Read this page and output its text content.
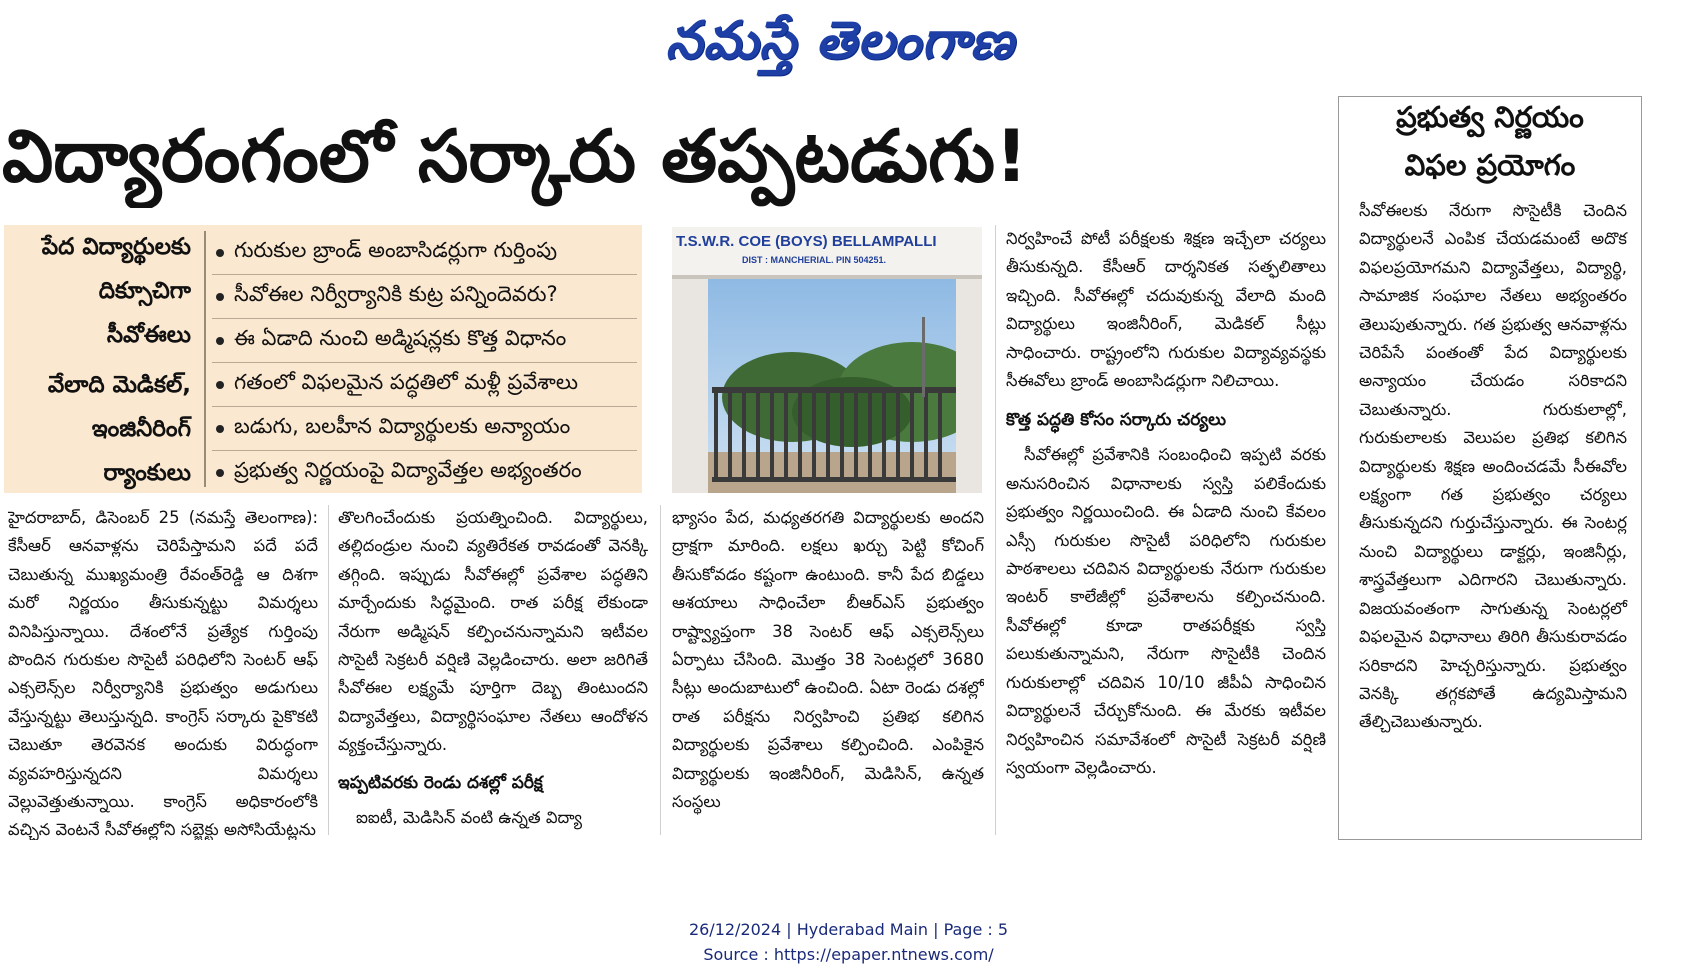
నమస్తే తెలంగాణ
విద్యారంగంలో సర్కారు తప్పటడుగు!
పేద విద్యార్థులకు
దిక్సూచిగా
సీవోఈలు
వేలాది మెడికల్,
ఇంజినీరింగ్
ర్యాంకులు
గురుకుల బ్రాండ్ అంబాసిడర్లుగా గుర్తింపు
సీవోఈల నిర్వీర్యానికి కుట్ర పన్నిందెవరు?
ఈ ఏడాది నుంచి అడ్మిషన్లకు కొత్త విధానం
గతంలో విఫలమైన పద్ధతిలో మళ్లీ ప్రవేశాలు
బడుగు, బలహీన విద్యార్థులకు అన్యాయం
ప్రభుత్వ నిర్ణయంపై విద్యావేత్తల అభ్యంతరం
T.S.W.R. COE (BOYS) BELLAMPALLI
DIST : MANCHERIAL. PIN 504251.
హైదరాబాద్, డిసెంబర్ 25 (నమస్తే తెలంగాణ): కేసీఆర్ ఆనవాళ్లను చెరిపేస్తామని పదే పదే చెబుతున్న ముఖ్యమంత్రి రేవంత్‌రెడ్డి ఆ దిశగా మరో నిర్ణయం తీసుకున్నట్టు విమర్శలు వినిపిస్తున్నాయి. దేశంలోనే ప్రత్యేక గుర్తింపు పొందిన గురుకుల సొసైటీ పరిధిలోని సెంటర్ ఆఫ్ ఎక్సలెన్స్‌ల నిర్వీర్యానికి ప్రభుత్వం అడుగులు వేస్తున్నట్టు తెలుస్తున్నది. కాంగ్రెస్ సర్కారు పైకొకటి చెబుతూ తెరవెనక అందుకు విరుద్ధంగా వ్యవహరిస్తున్నదని విమర్శలు వెల్లువెత్తుతున్నాయి. కాంగ్రెస్ అధికారంలోకి వచ్చిన వెంటనే సీవోఈల్లోని సబ్జెక్టు అసోసియేట్లను
తొలగించేందుకు ప్రయత్నించింది. విద్యార్థులు, తల్లిదండ్రుల నుంచి వ్యతిరేకత రావడంతో వెనక్కి తగ్గింది. ఇప్పుడు సీవోఈల్లో ప్రవేశాల పద్ధతిని మార్చేందుకు సిద్ధమైంది. రాత పరీక్ష లేకుండా నేరుగా అడ్మిషన్ కల్పించనున్నామని ఇటీవల సొసైటీ సెక్రటరీ వర్షిణి వెల్లడించారు. అలా జరిగితే సీవోఈల లక్ష్యమే పూర్తిగా దెబ్బ తింటుందని విద్యావేత్తలు, విద్యార్థిసంఘాల నేతలు ఆందోళన వ్యక్తంచేస్తున్నారు.
ఇప్పటివరకు రెండు దశల్లో పరీక్ష
ఐఐటీ, మెడిసిన్ వంటి ఉన్నత విద్యా
భ్యాసం పేద, మధ్యతరగతి విద్యార్థులకు అందని ద్రాక్షగా మారింది. లక్షలు ఖర్చు పెట్టి కోచింగ్ తీసుకోవడం కష్టంగా ఉంటుంది. కానీ పేద బిడ్డలు ఆశయాలు సాధించేలా బీఆర్‌ఎస్ ప్రభుత్వం రాష్ట్వ్యాప్తంగా 38 సెంటర్ ఆఫ్ ఎక్సలెన్స్‌లు ఏర్పాటు చేసింది. మొత్తం 38 సెంటర్లలో 3680 సీట్లు అందుబాటులో ఉంచింది. ఏటా రెండు దశల్లో రాత పరీక్షను నిర్వహించి ప్రతిభ కలిగిన విద్యార్థులకు ప్రవేశాలు కల్పించింది. ఎంపికైన విద్యార్థులకు ఇంజినీరింగ్, మెడిసిన్, ఉన్నత సంస్థలు
నిర్వహించే పోటీ పరీక్షలకు శిక్షణ ఇచ్చేలా చర్యలు తీసుకున్నది. కేసీఆర్ దార్శనికత సత్ఫలితాలు ఇచ్చింది. సీవోఈల్లో చదువుకున్న వేలాది మంది విద్యార్థులు ఇంజినీరింగ్, మెడికల్ సీట్లు సాధించారు. రాష్ట్రంలోని గురుకుల విద్యావ్యవస్థకు సీఈవోలు బ్రాండ్ అంబాసిడర్లుగా నిలిచాయి.
కొత్త పద్ధతి కోసం సర్కారు చర్యలు
సీవోఈల్లో ప్రవేశానికి సంబంధించి ఇప్పటి వరకు అనుసరించిన విధానాలకు స్వస్తి పలికేందుకు ప్రభుత్వం నిర్ణయించింది. ఈ ఏడాది నుంచి కేవలం ఎస్సీ గురుకుల సొసైటీ పరిధిలోని గురుకుల పాఠశాలలు చదివిన విద్యార్థులకు నేరుగా గురుకుల ఇంటర్ కాలేజీల్లో ప్రవేశాలను కల్పించనుంది. సీవోఈల్లో కూడా రాతపరీక్షకు స్వస్తి పలుకుతున్నామని, నేరుగా సొసైటీకి చెందిన గురుకులాల్లో చదివిన 10/10 జీపీఏ సాధించిన విద్యార్థులనే చేర్చుకోనుంది. ఈ మేరకు ఇటీవల నిర్వహించిన సమావేశంలో సొసైటీ సెక్రటరీ వర్షిణి స్వయంగా వెల్లడించారు.
ప్రభుత్వ నిర్ణయం
విఫల ప్రయోగం
సీవోఈలకు నేరుగా సొసైటీకి చెందిన విద్యార్థులనే ఎంపిక చేయడమంటే అదొక విఫలప్రయోగమని విద్యావేత్తలు, విద్యార్థి, సామాజిక సంఘాల నేతలు అభ్యంతరం తెలుపుతున్నారు. గత ప్రభుత్వ ఆనవాళ్లను చెరిపేసే పంతంతో పేద విద్యార్థులకు అన్యాయం చేయడం సరికాదని చెబుతున్నారు. గురుకులాల్లో, గురుకులాలకు వెలుపల ప్రతిభ కలిగిన విద్యార్థులకు శిక్షణ అందించడమే సీఈవోల లక్ష్యంగా గత ప్రభుత్వం చర్యలు తీసుకున్నదని గుర్తుచేస్తున్నారు. ఈ సెంటర్ల నుంచి విద్యార్థులు డాక్టర్లు, ఇంజినీర్లు, శాస్త్రవేత్తలుగా ఎదిగారని చెబుతున్నారు. విజయవంతంగా సాగుతున్న సెంటర్లలో విఫలమైన విధానాలు తిరిగి తీసుకురావడం సరికాదని హెచ్చరిస్తున్నారు. ప్రభుత్వం వెనక్కి తగ్గకపోతే ఉద్యమిస్తామని తేల్చిచెబుతున్నారు.
26/12/2024 | Hyderabad Main | Page : 5
Source : https://epaper.ntnews.com/
